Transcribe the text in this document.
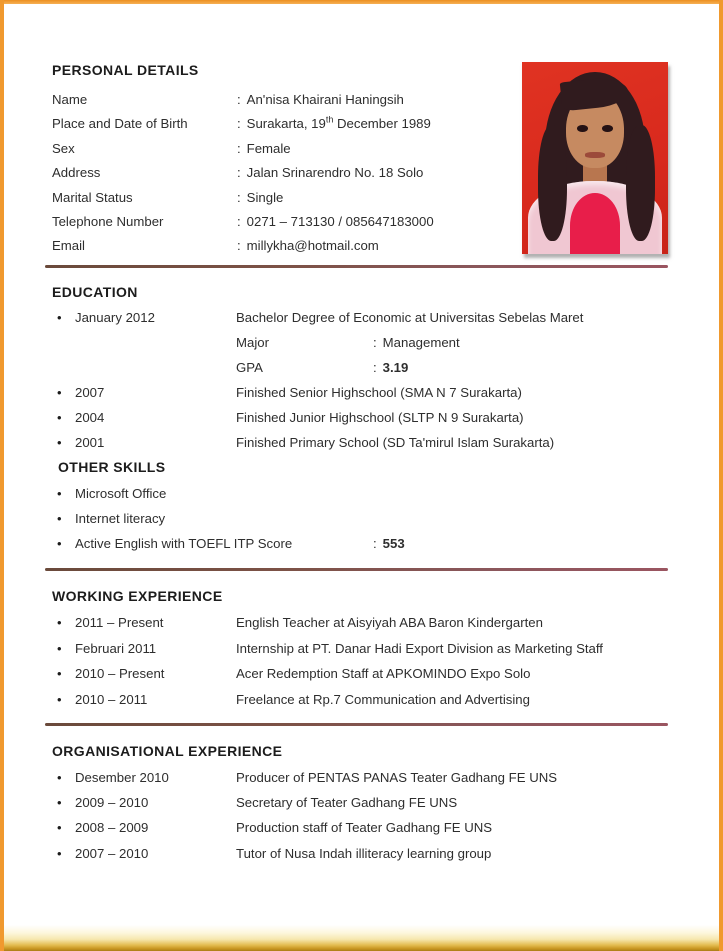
PERSONAL DETAILS
Name	: An'nisa Khairani Haningsih
Place and Date of Birth	: Surakarta, 19th December 1989
Sex	: Female
Address	: Jalan Srinarendro No. 18 Solo
Marital Status	: Single
Telephone Number	: 0271 – 713130 / 085647183000
Email	: millykha@hotmail.com
EDUCATION
•	January 2012	Bachelor Degree of Economic at Universitas Sebelas Maret
Major	: Management
GPA	: 3.19
•	2007	Finished Senior Highschool (SMA N 7 Surakarta)
•	2004	Finished Junior Highschool (SLTP N 9 Surakarta)
•	2001	Finished Primary School (SD Ta'mirul Islam Surakarta)
OTHER SKILLS
•	Microsoft Office
•	Internet literacy
•	Active English with TOEFL ITP Score	: 553
WORKING EXPERIENCE
•	2011 – Present	English Teacher at Aisyiyah ABA Baron Kindergarten
•	Februari 2011	Internship at PT. Danar Hadi Export Division as Marketing Staff
•	2010 – Present	Acer Redemption Staff at APKOMINDO Expo Solo
•	2010 – 2011	Freelance at Rp.7 Communication and Advertising
ORGANISATIONAL EXPERIENCE
•	Desember 2010	Producer of PENTAS PANAS Teater Gadhang FE UNS
•	2009 – 2010	Secretary of Teater Gadhang FE UNS
•	2008 – 2009	Production staff of Teater Gadhang FE UNS
•	2007 – 2010	Tutor of Nusa Indah illiteracy learning group
